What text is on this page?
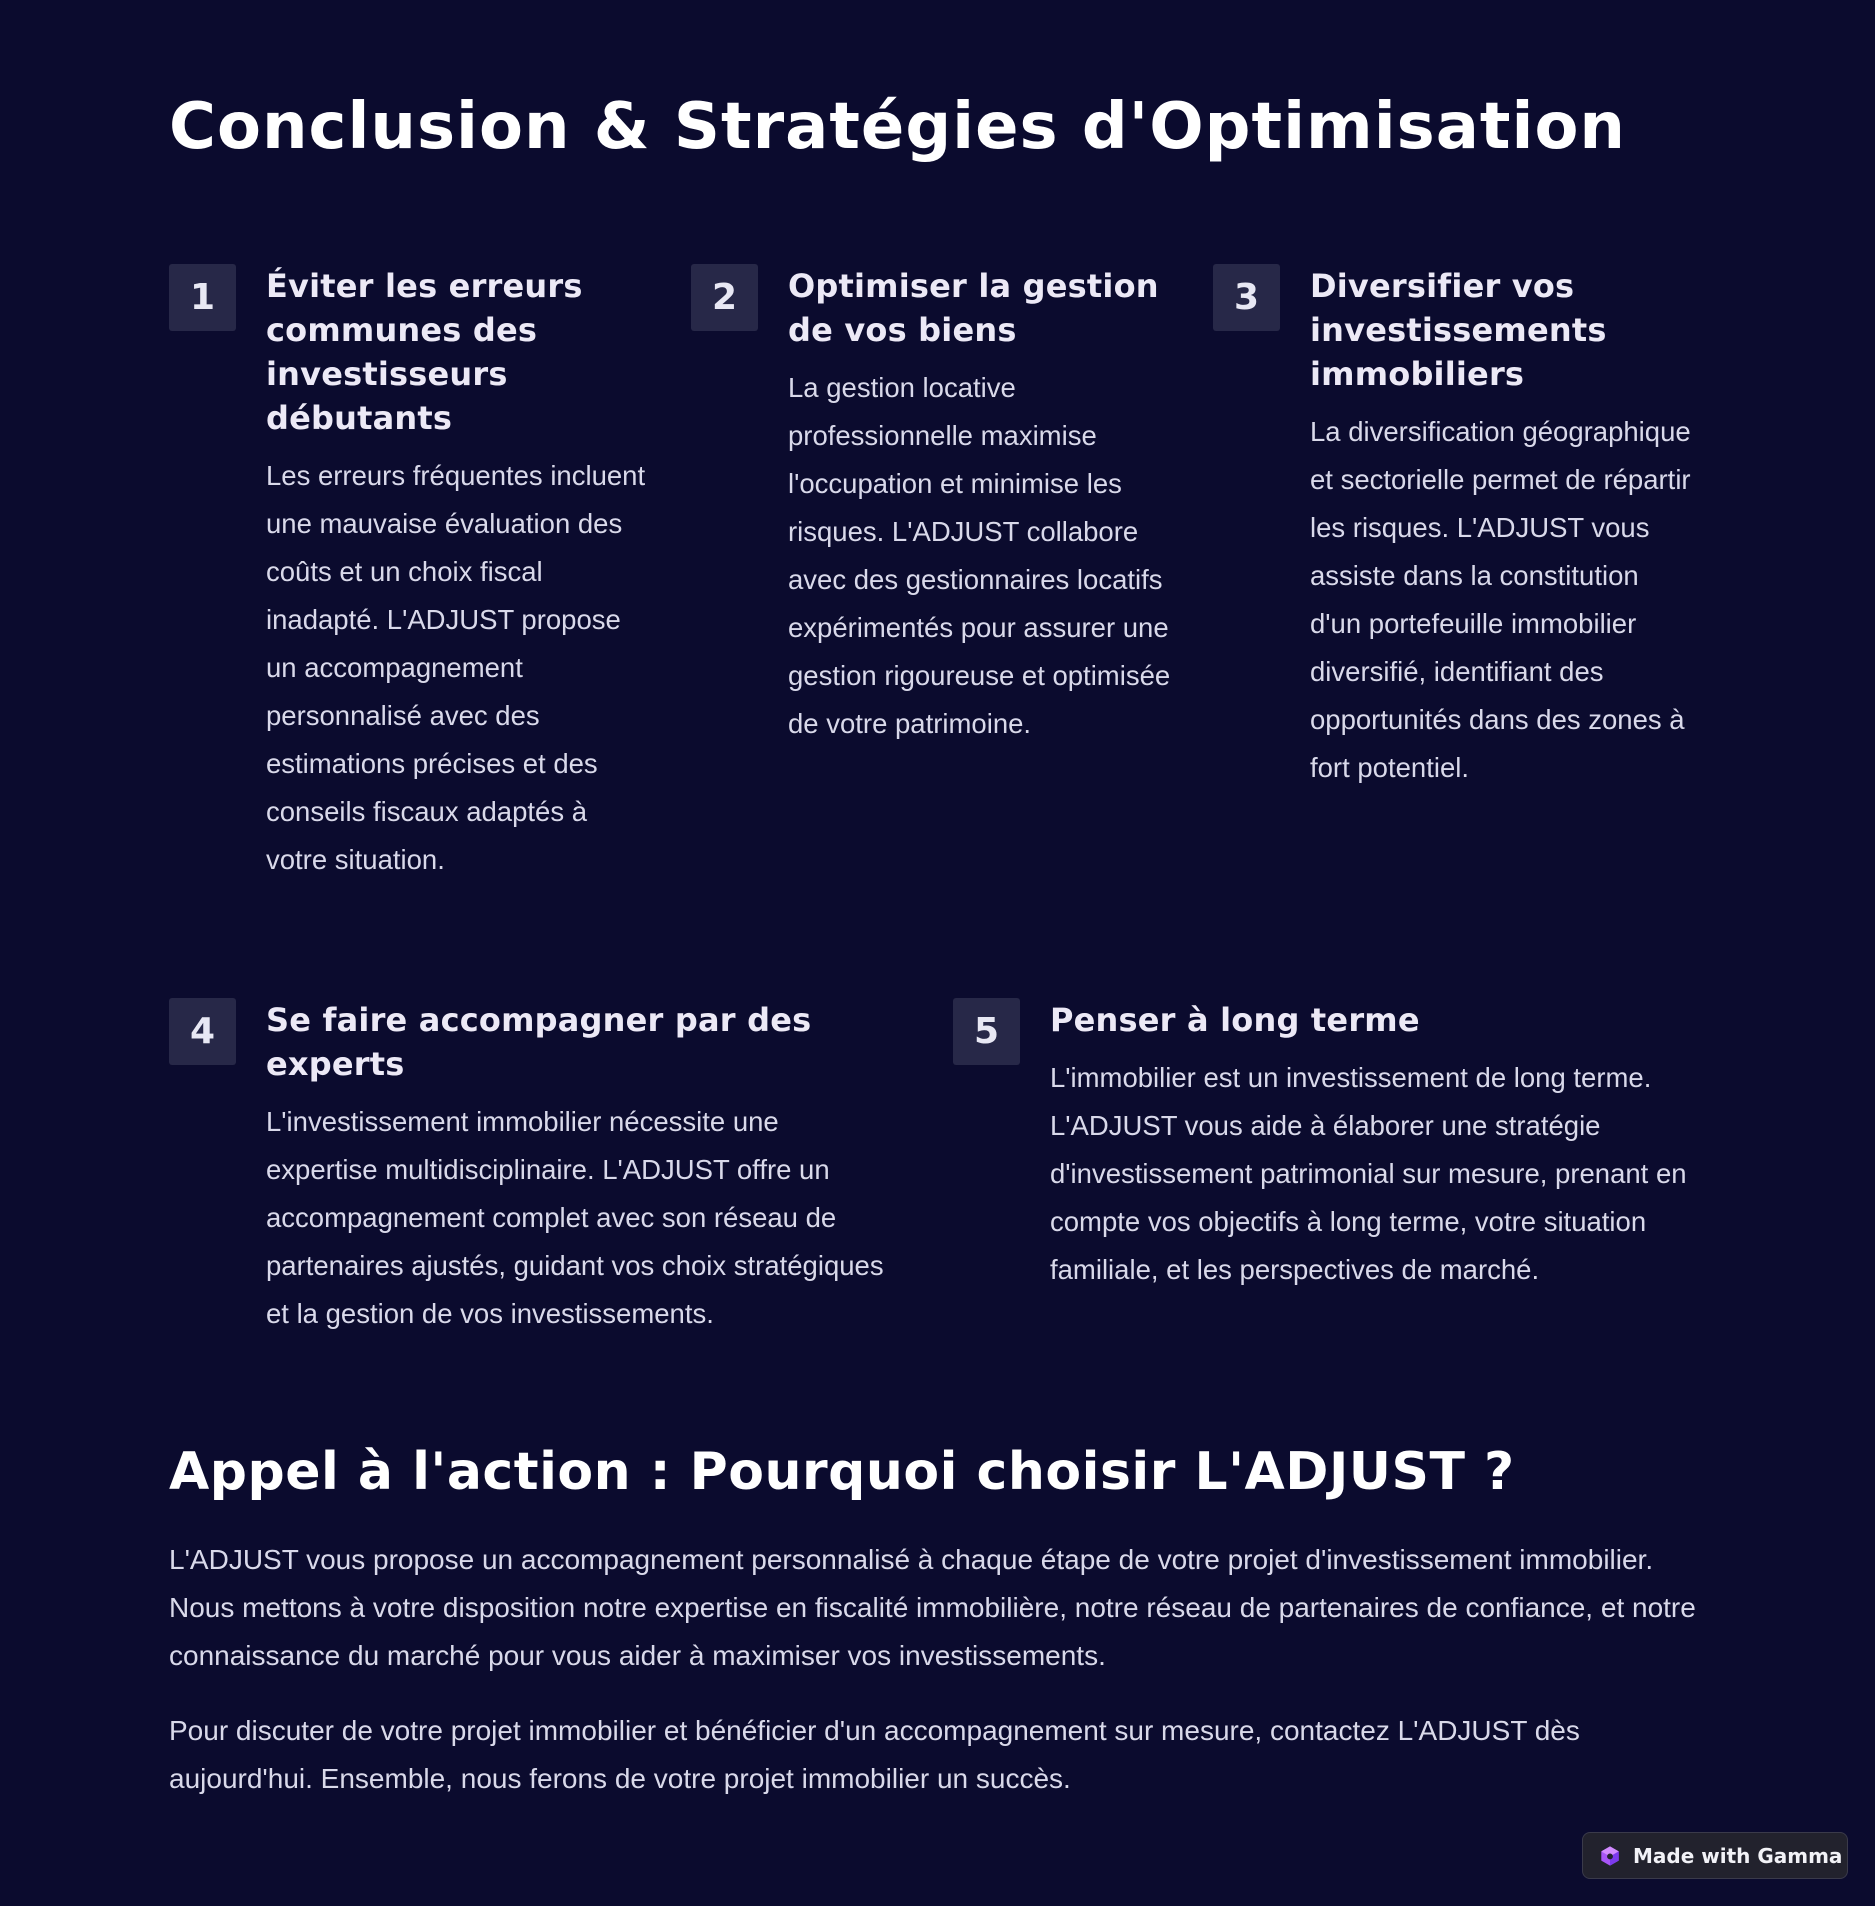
Conclusion & Stratégies d'Optimisation
1	Éviter les erreurs communes des investisseurs débutants

Les erreurs fréquentes incluent une mauvaise évaluation des coûts et un choix fiscal inadapté. L'ADJUST propose un accompagnement personnalisé avec des estimations précises et des conseils fiscaux adaptés à votre situation.

2	Optimiser la gestion de vos biens

La gestion locative professionnelle maximise l'occupation et minimise les risques. L'ADJUST collabore avec des gestionnaires locatifs expérimentés pour assurer une gestion rigoureuse et optimisée de votre patrimoine.

3	Diversifier vos investissements immobiliers

La diversification géographique et sectorielle permet de répartir les risques. L'ADJUST vous assiste dans la constitution d'un portefeuille immobilier diversifié, identifiant des opportunités dans des zones à fort potentiel.

4	Se faire accompagner par des experts

L'investissement immobilier nécessite une expertise multidisciplinaire. L'ADJUST offre un accompagnement complet avec son réseau de partenaires ajustés, guidant vos choix stratégiques et la gestion de vos investissements.

5	Penser à long terme

L'immobilier est un investissement de long terme. L'ADJUST vous aide à élaborer une stratégie d'investissement patrimonial sur mesure, prenant en compte vos objectifs à long terme, votre situation familiale, et les perspectives de marché.

Appel à l'action : Pourquoi choisir L'ADJUST ?

L'ADJUST vous propose un accompagnement personnalisé à chaque étape de votre projet d'investissement immobilier. Nous mettons à votre disposition notre expertise en fiscalité immobilière, notre réseau de partenaires de confiance, et notre connaissance du marché pour vous aider à maximiser vos investissements.

Pour discuter de votre projet immobilier et bénéficier d'un accompagnement sur mesure, contactez L'ADJUST dès aujourd'hui. Ensemble, nous ferons de votre projet immobilier un succès.

Made with Gamma
